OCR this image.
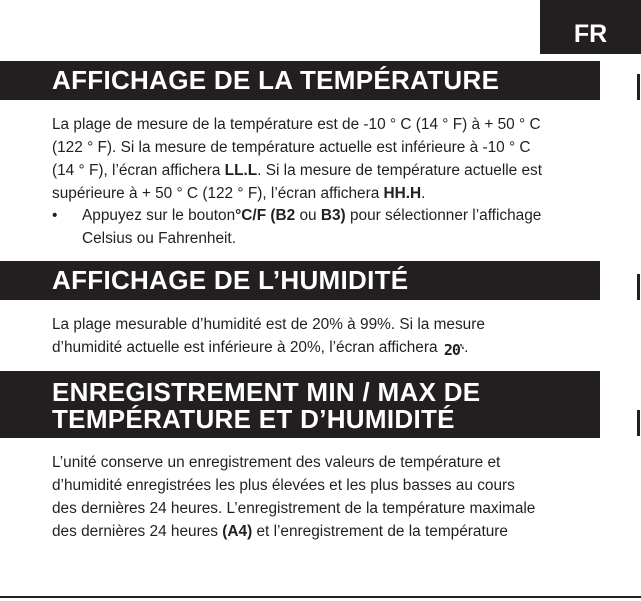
FR
AFFICHAGE DE LA TEMPÉRATURE
La plage de mesure de la température est de -10 ° C (14 ° F) à + 50 ° C
(122 ° F). Si la mesure de température actuelle est inférieure à -10 ° C
(14 ° F), l’écran affichera LL.L. Si la mesure de température actuelle est
supérieure à + 50 ° C (122 ° F), l’écran affichera HH.H.
• Appuyez sur le bouton°C/F (B2 ou B3) pour sélectionner l’affichage
Celsius ou Fahrenheit.
AFFICHAGE DE L’HUMIDITÉ
La plage mesurable d’humidité est de 20% à 99%. Si la mesure
d’humidité actuelle est inférieure à 20%, l’écran affichera 20%.
ENREGISTREMENT MIN / MAX DE
TEMPÉRATURE ET D’HUMIDITÉ
L’unité conserve un enregistrement des valeurs de température et
d’humidité enregistrées les plus élevées et les plus basses au cours
des dernières 24 heures. L’enregistrement de la température maximale
des dernières 24 heures (A4) et l’enregistrement de la température
